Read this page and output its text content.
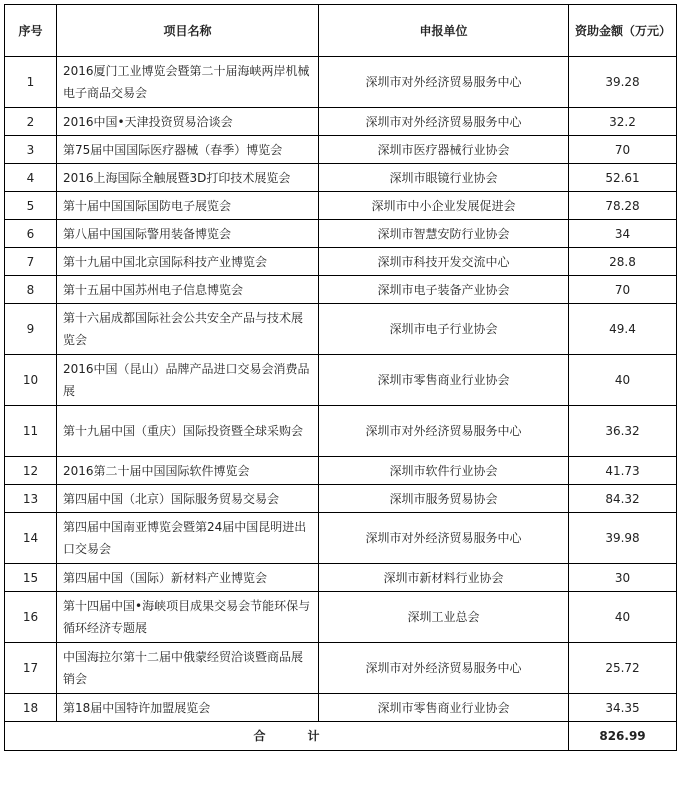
序号	项目名称	申报单位	资助金额（万元）
1	2016厦门工业博览会暨第二十届海峡两岸机械电子商品交易会	深圳市对外经济贸易服务中心	39.28
2	2016中国•天津投资贸易洽谈会	深圳市对外经济贸易服务中心	32.2
3	第75届中国国际医疗器械（春季）博览会	深圳市医疗器械行业协会	70
4	2016上海国际全触展暨3D打印技术展览会	深圳市眼镜行业协会	52.61
5	第十届中国国际国防电子展览会	深圳市中小企业发展促进会	78.28
6	第八届中国国际警用装备博览会	深圳市智慧安防行业协会	34
7	第十九届中国北京国际科技产业博览会	深圳市科技开发交流中心	28.8
8	第十五届中国苏州电子信息博览会	深圳市电子装备产业协会	70
9	第十六届成都国际社会公共安全产品与技术展览会	深圳市电子行业协会	49.4
10	2016中国（昆山）品牌产品进口交易会消费品展	深圳市零售商业行业协会	40
11	第十九届中国（重庆）国际投资暨全球采购会	深圳市对外经济贸易服务中心	36.32
12	2016第二十届中国国际软件博览会	深圳市软件行业协会	41.73
13	第四届中国（北京）国际服务贸易交易会	深圳市服务贸易协会	84.32
14	第四届中国南亚博览会暨第24届中国昆明进出口交易会	深圳市对外经济贸易服务中心	39.98
15	第四届中国（国际）新材料产业博览会	深圳市新材料行业协会	30
16	第十四届中国•海峡项目成果交易会节能环保与循环经济专题展	深圳工业总会	40
17	中国海拉尔第十二届中俄蒙经贸洽谈暨商品展销会	深圳市对外经济贸易服务中心	25.72
18	第18届中国特许加盟展览会	深圳市零售商业行业协会	34.35
合计			826.99
